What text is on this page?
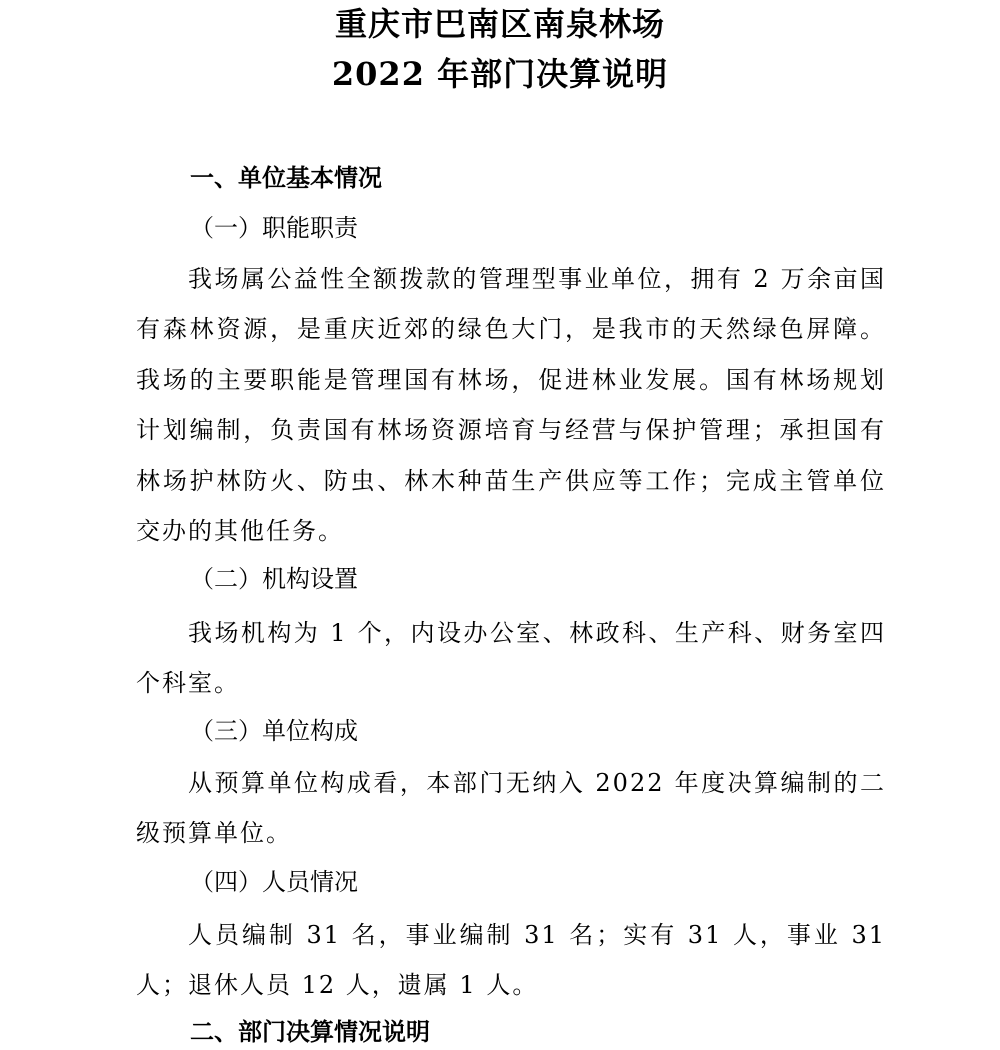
重庆市巴南区南泉林场
2022 年部门决算说明
一、单位基本情况
（一）职能职责

我场属公益性全额拨款的管理型事业单位，拥有 2 万余亩国有森林资源，是重庆近郊的绿色大门，是我市的天然绿色屏障。我场的主要职能是管理国有林场，促进林业发展。国有林场规划计划编制，负责国有林场资源培育与经营与保护管理；承担国有林场护林防火、防虫、林木种苗生产供应等工作；完成主管单位交办的其他任务。

（二）机构设置

我场机构为 1 个，内设办公室、林政科、生产科、财务室四个科室。

（三）单位构成

从预算单位构成看，本部门无纳入 2022 年度决算编制的二级预算单位。

（四）人员情况

人员编制 31 名，事业编制 31 名；实有 31 人，事业 31 人；退休人员 12 人，遗属 1 人。

二、部门决算情况说明
